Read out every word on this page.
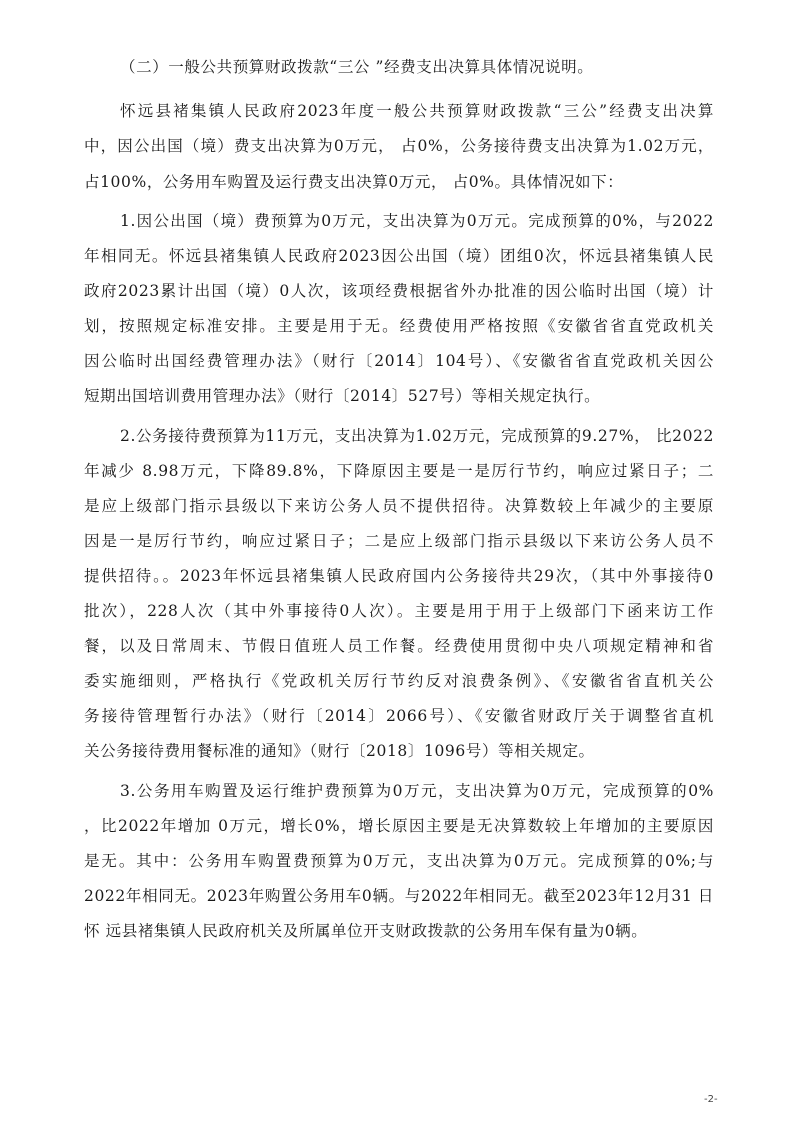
（二）一般公共预算财政拨款“三公 ”经费支出决算具体情况说明。
怀远县褚集镇人民政府2023年度一般公共预算财政拨款“三公”经费支出决算
中，因公出国（境）费支出决算为0万元， 占0%，公务接待费支出决算为1.02万元，
占100%，公务用车购置及运行费支出决算0万元， 占0%。具体情况如下：
1.因公出国（境）费预算为0万元，支出决算为0万元。完成预算的0%，与2022
年相同无。怀远县褚集镇人民政府2023因公出国（境）团组0次，怀远县褚集镇人民
政府2023累计出国（境）0人次，该项经费根据省外办批准的因公临时出国（境）计
划，按照规定标准安排。主要是用于无。经费使用严格按照《安徽省省直党政机关
因公临时出国经费管理办法》（财行〔2014〕104号）、《安徽省省直党政机关因公
短期出国培训费用管理办法》（财行〔2014〕527号）等相关规定执行。
2.公务接待费预算为11万元，支出决算为1.02万元，完成预算的9.27%， 比2022
年减少 8.98万元，下降89.8%，下降原因主要是一是厉行节约，响应过紧日子；二
是应上级部门指示县级以下来访公务人员不提供招待。决算数较上年减少的主要原
因是一是厉行节约，响应过紧日子；二是应上级部门指示县级以下来访公务人员不
提供招待。。2023年怀远县褚集镇人民政府国内公务接待共29次，（其中外事接待0
批次），228人次（其中外事接待0人次）。主要是用于用于上级部门下函来访工作
餐，以及日常周末、节假日值班人员工作餐。经费使用贯彻中央八项规定精神和省
委实施细则，严格执行《党政机关厉行节约反对浪费条例》、《安徽省省直机关公
务接待管理暂行办法》（财行〔2014〕2066号）、《安徽省财政厅关于调整省直机
关公务接待费用餐标准的通知》（财行〔2018〕1096号）等相关规定。
3.公务用车购置及运行维护费预算为0万元，支出决算为0万元，完成预算的0%
，比2022年增加 0万元，增长0%，增长原因主要是无决算数较上年增加的主要原因
是无。其中：公务用车购置费预算为0万元，支出决算为0万元。完成预算的0%;与
2022年相同无。2023年购置公务用车0辆。与2022年相同无。截至2023年12月31 日
怀 远县褚集镇人民政府机关及所属单位开支财政拨款的公务用车保有量为0辆。
-2-
